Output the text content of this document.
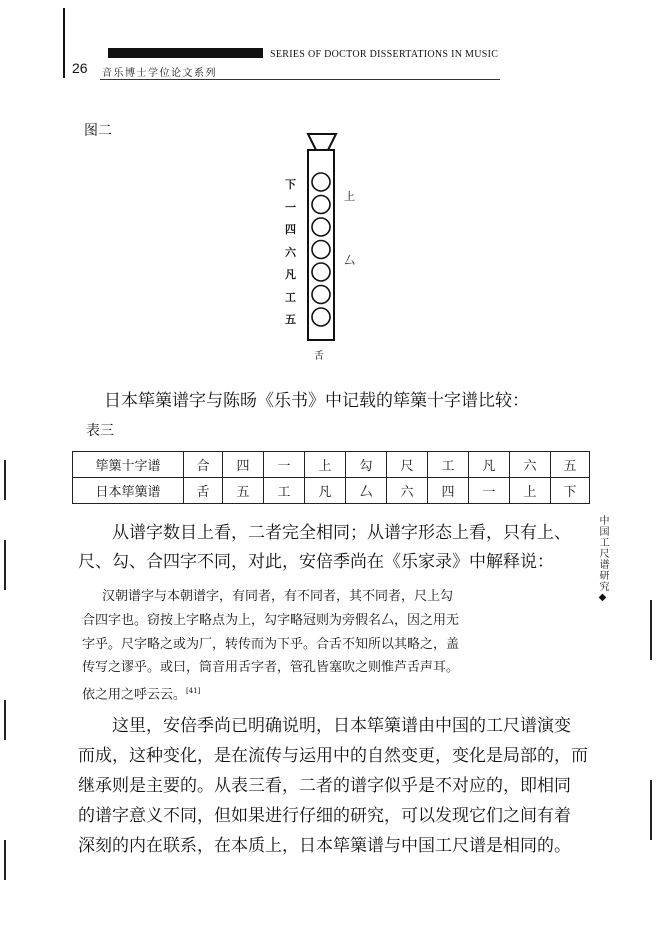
SERIES OF DOCTOR DISSERTATIONS IN MUSIC
26 音乐博士学位论文系列
图二
下
一
四
六
凡
工
五
上
厶
舌
日本筚篥谱字与陈旸《乐书》中记载的筚篥十字谱比较：
表三
筚篥十字谱	合	四	一	上	勾	尺	工	凡	六	五
日本筚篥谱	舌	五	工	凡	厶	六	四	一	上	下
从谱字数目上看，二者完全相同；从谱字形态上看，只有上、
尺、勾、合四字不同，对此，安倍季尚在《乐家录》中解释说：
汉朝谱字与本朝谱字，有同者，有不同者，其不同者，尺上勾
合四字也。窃按上字略点为上，勾字略冠则为旁假名厶，因之用无
字乎。尺字略之或为厂，转传而为下乎。合舌不知所以其略之，盖
传写之谬乎。或曰，筒音用舌字者，管孔皆塞吹之则惟芦舌声耳。
依之用之呼云云。[41]
这里，安倍季尚已明确说明，日本筚篥谱由中国的工尺谱演变
而成，这种变化，是在流传与运用中的自然变更，变化是局部的，而
继承则是主要的。从表三看，二者的谱字似乎是不对应的，即相同
的谱字意义不同，但如果进行仔细的研究，可以发现它们之间有着
深刻的内在联系，在本质上，日本筚篥谱与中国工尺谱是相同的。
中国工尺谱研究◆
